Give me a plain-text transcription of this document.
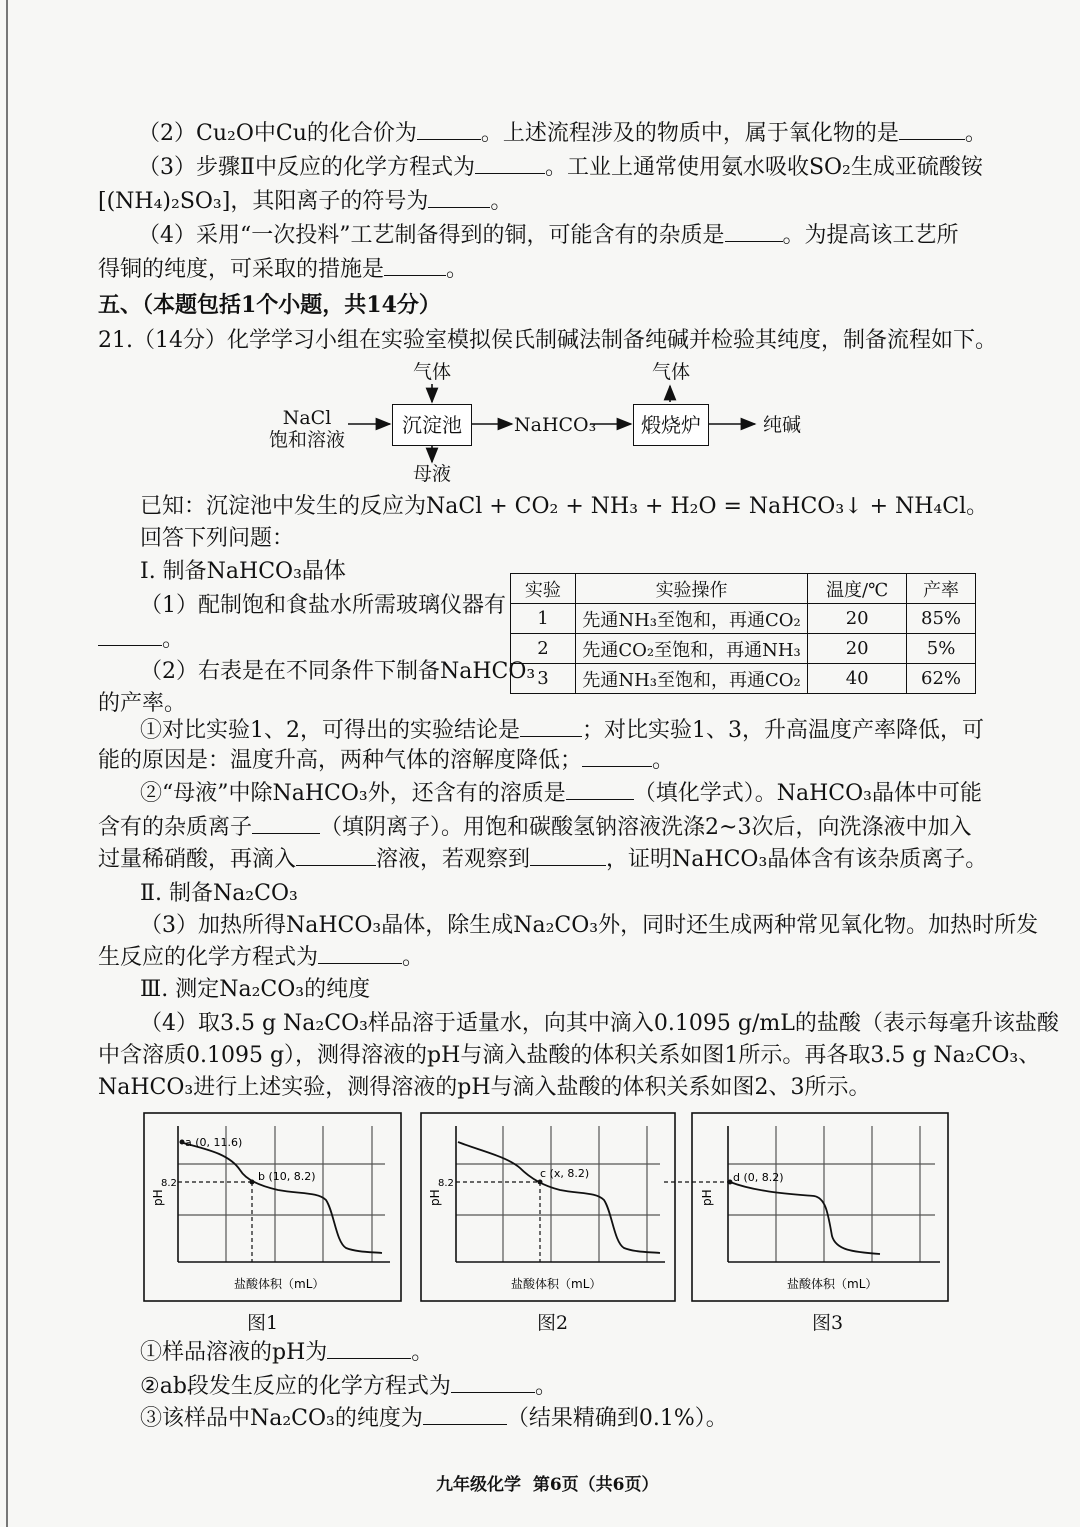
（2）Cu₂O中Cu的化合价为	。上述流程涉及的物质中，属于氧化物的是	。
（3）步骤Ⅱ中反应的化学方程式为	。工业上通常使用氨水吸收SO₂生成亚硫酸铵
[(NH₄)₂SO₃]，其阳离子的符号为	。
（4）采用“一次投料”工艺制备得到的铜，可能含有的杂质是	。为提高该工艺所
得铜的纯度，可采取的措施是	。
五、（本题包括1个小题，共14分）
21.（14分）化学学习小组在实验室模拟侯氏制碱法制备纯碱并检验其纯度，制备流程如下。
NaCl
饱和溶液
气体
沉淀池
母液
NaHCO₃	煅烧炉
气体
纯碱
已知：沉淀池中发生的反应为NaCl + CO₂ + NH₃ + H₂O = NaHCO₃↓ + NH₄Cl。
回答下列问题：
Ⅰ. 制备NaHCO₃晶体
（1）配制饱和食盐水所需玻璃仪器有
。
（2）右表是在不同条件下制备NaHCO₃
的产率。
实验	实验操作	温度/℃	产率
1	先通NH₃至饱和，再通CO₂	20	85%
2	先通CO₂至饱和，再通NH₃	20	5%
3	先通NH₃至饱和，再通CO₂	40	62%
①对比实验1、2，可得出的实验结论是	；对比实验1、3，升高温度产率降低，可
能的原因是：温度升高，两种气体的溶解度降低；	。
②“母液”中除NaHCO₃外，还含有的溶质是	（填化学式）。NaHCO₃晶体中可能
含有的杂质离子	（填阴离子）。用饱和碳酸氢钠溶液洗涤2~3次后，向洗涤液中加入
过量稀硝酸，再滴入	溶液，若观察到	，证明NaHCO₃晶体含有该杂质离子。
Ⅱ. 制备Na₂CO₃
（3）加热所得NaHCO₃晶体，除生成Na₂CO₃外，同时还生成两种常见氧化物。加热时所发
生反应的化学方程式为	。
Ⅲ. 测定Na₂CO₃的纯度
（4）取3.5 g Na₂CO₃样品溶于适量水，向其中滴入0.1095 g/mL的盐酸（表示每毫升该盐酸
中含溶质0.1095 g），测得溶液的pH与滴入盐酸的体积关系如图1所示。再各取3.5 g Na₂CO₃、
NaHCO₃进行上述实验，测得溶液的pH与滴入盐酸的体积关系如图2、3所示。
a (0, 11.6)
b (10, 8.2)
8.2
pH
盐酸体积（mL）
c (x, 8.2)
8.2
pH
盐酸体积（mL）
d (0, 8.2)
pH
盐酸体积（mL）
图1	图2	图3
①样品溶液的pH为	。
②ab段发生反应的化学方程式为	。
③该样品中Na₂CO₃的纯度为	（结果精确到0.1%）。
九年级化学  第6页（共6页）
